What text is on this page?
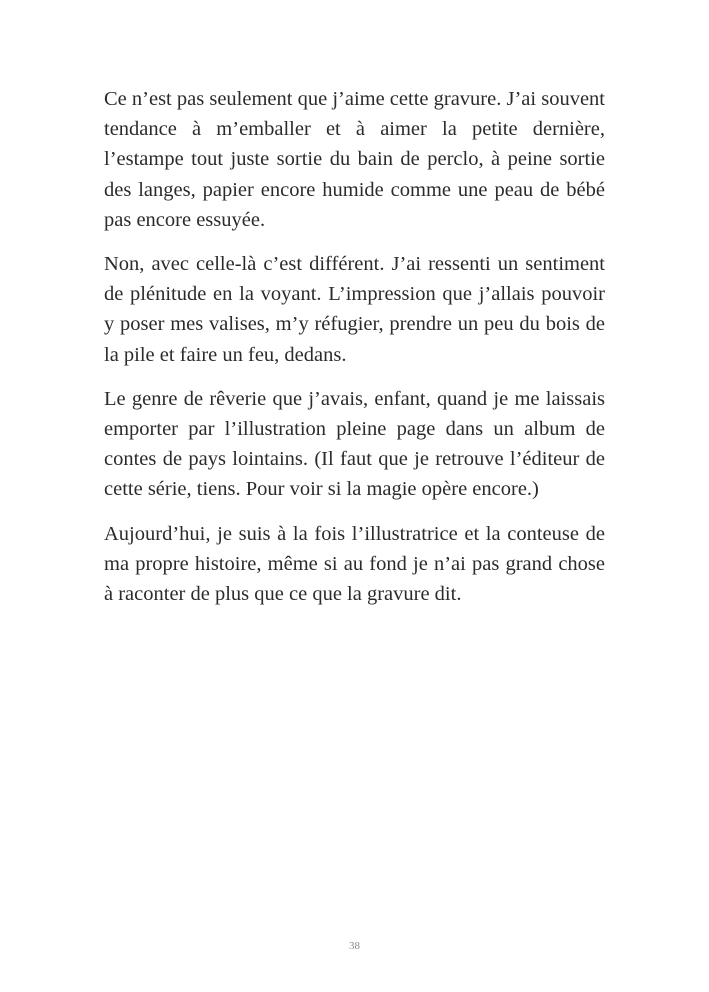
Ce n’est pas seulement que j’aime cette gravure. J’ai souvent tendance à m’emballer et à aimer la petite dernière, l’estampe tout juste sortie du bain de perclo, à peine sortie des langes, papier encore humide comme une peau de bébé pas encore essuyée.

Non, avec celle-là c’est différent. J’ai ressenti un sentiment de plénitude en la voyant. L’impression que j’allais pouvoir y poser mes valises, m’y réfugier, prendre un peu du bois de la pile et faire un feu, dedans.

Le genre de rêverie que j’avais, enfant, quand je me laissais emporter par l’illustration pleine page dans un album de contes de pays lointains. (Il faut que je retrouve l’éditeur de cette série, tiens. Pour voir si la magie opère encore.)

Aujourd’hui, je suis à la fois l’illustratrice et la conteuse de ma propre histoire, même si au fond je n’ai pas grand chose à raconter de plus que ce que la gravure dit.

38
